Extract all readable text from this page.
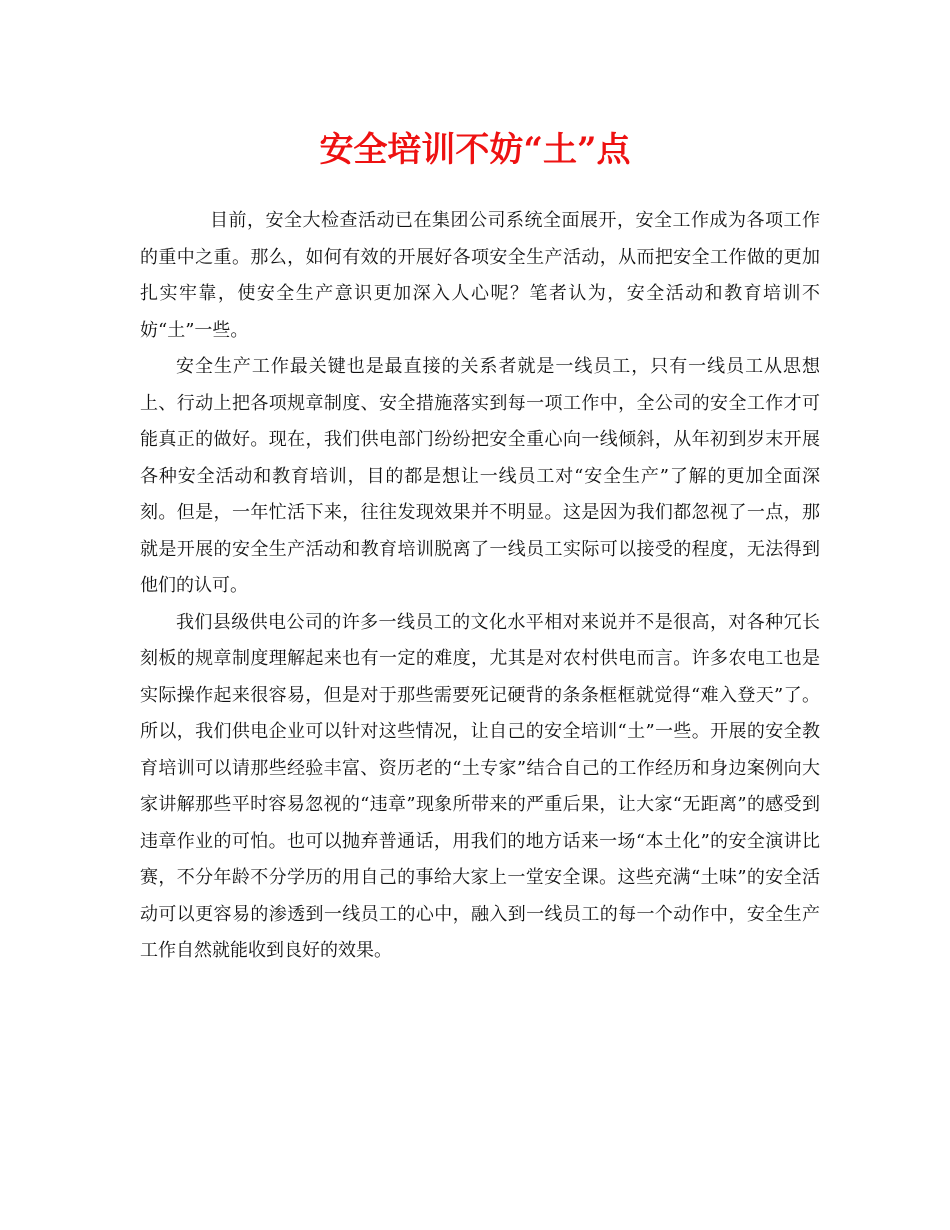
安全培训不妨“土”点

目前，安全大检查活动已在集团公司系统全面展开，安全工作成为各项工作的重中之重。那么，如何有效的开展好各项安全生产活动，从而把安全工作做的更加扎实牢靠，使安全生产意识更加深入人心呢？笔者认为，安全活动和教育培训不妨“土”一些。

安全生产工作最关键也是最直接的关系者就是一线员工，只有一线员工从思想上、行动上把各项规章制度、安全措施落实到每一项工作中，全公司的安全工作才可能真正的做好。现在，我们供电部门纷纷把安全重心向一线倾斜，从年初到岁末开展各种安全活动和教育培训，目的都是想让一线员工对“安全生产”了解的更加全面深刻。但是，一年忙活下来，往往发现效果并不明显。这是因为我们都忽视了一点，那就是开展的安全生产活动和教育培训脱离了一线员工实际可以接受的程度，无法得到他们的认可。

我们县级供电公司的许多一线员工的文化水平相对来说并不是很高，对各种冗长刻板的规章制度理解起来也有一定的难度，尤其是对农村供电而言。许多农电工也是实际操作起来很容易，但是对于那些需要死记硬背的条条框框就觉得“难入登天”了。所以，我们供电企业可以针对这些情况，让自己的安全培训“土”一些。开展的安全教育培训可以请那些经验丰富、资历老的“土专家”结合自己的工作经历和身边案例向大家讲解那些平时容易忽视的“违章”现象所带来的严重后果，让大家“无距离”的感受到违章作业的可怕。也可以抛弃普通话，用我们的地方话来一场“本土化”的安全演讲比赛，不分年龄不分学历的用自己的事给大家上一堂安全课。这些充满“土味”的安全活动可以更容易的渗透到一线员工的心中，融入到一线员工的每一个动作中，安全生产工作自然就能收到良好的效果。
